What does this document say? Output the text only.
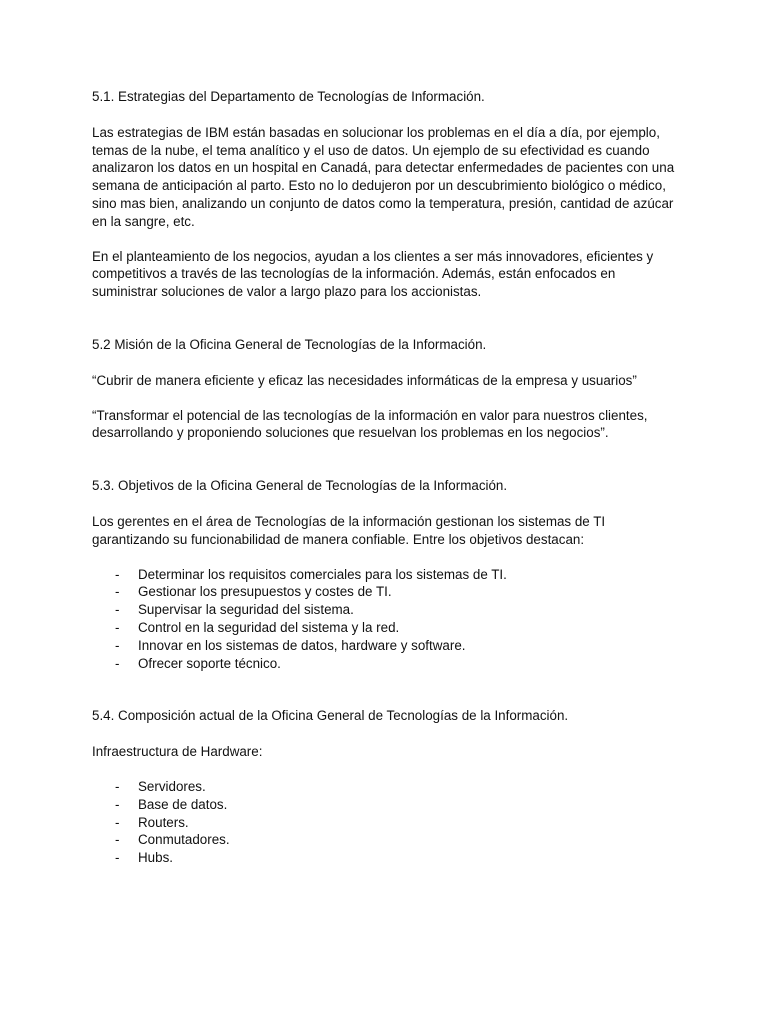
5.1. Estrategias del Departamento de Tecnologías de Información.

Las estrategias de IBM están basadas en solucionar los problemas en el día a día, por ejemplo, temas de la nube, el tema analítico y el uso de datos. Un ejemplo de su efectividad es cuando analizaron los datos en un hospital en Canadá, para detectar enfermedades de pacientes con una semana de anticipación al parto. Esto no lo dedujeron por un descubrimiento biológico o médico, sino mas bien, analizando un conjunto de datos como la temperatura, presión, cantidad de azúcar en la sangre, etc.

En el planteamiento de los negocios, ayudan a los clientes a ser más innovadores, eficientes y competitivos a través de las tecnologías de la información. Además, están enfocados en suministrar soluciones de valor a largo plazo para los accionistas.

5.2 Misión de la Oficina General de Tecnologías de la Información.

“Cubrir de manera eficiente y eficaz las necesidades informáticas de la empresa y usuarios”

“Transformar el potencial de las tecnologías de la información en valor para nuestros clientes, desarrollando y proponiendo soluciones que resuelvan los problemas en los negocios”.

5.3. Objetivos de la Oficina General de Tecnologías de la Información.

Los gerentes en el área de Tecnologías de la información gestionan los sistemas de TI garantizando su funcionabilidad de manera confiable. Entre los objetivos destacan:

- Determinar los requisitos comerciales para los sistemas de TI.
- Gestionar los presupuestos y costes de TI.
- Supervisar la seguridad del sistema.
- Control en la seguridad del sistema y la red.
- Innovar en los sistemas de datos, hardware y software.
- Ofrecer soporte técnico.
5.4. Composición actual de la Oficina General de Tecnologías de la Información.

Infraestructura de Hardware:

- Servidores.
- Base de datos.
- Routers.
- Conmutadores.
- Hubs.
